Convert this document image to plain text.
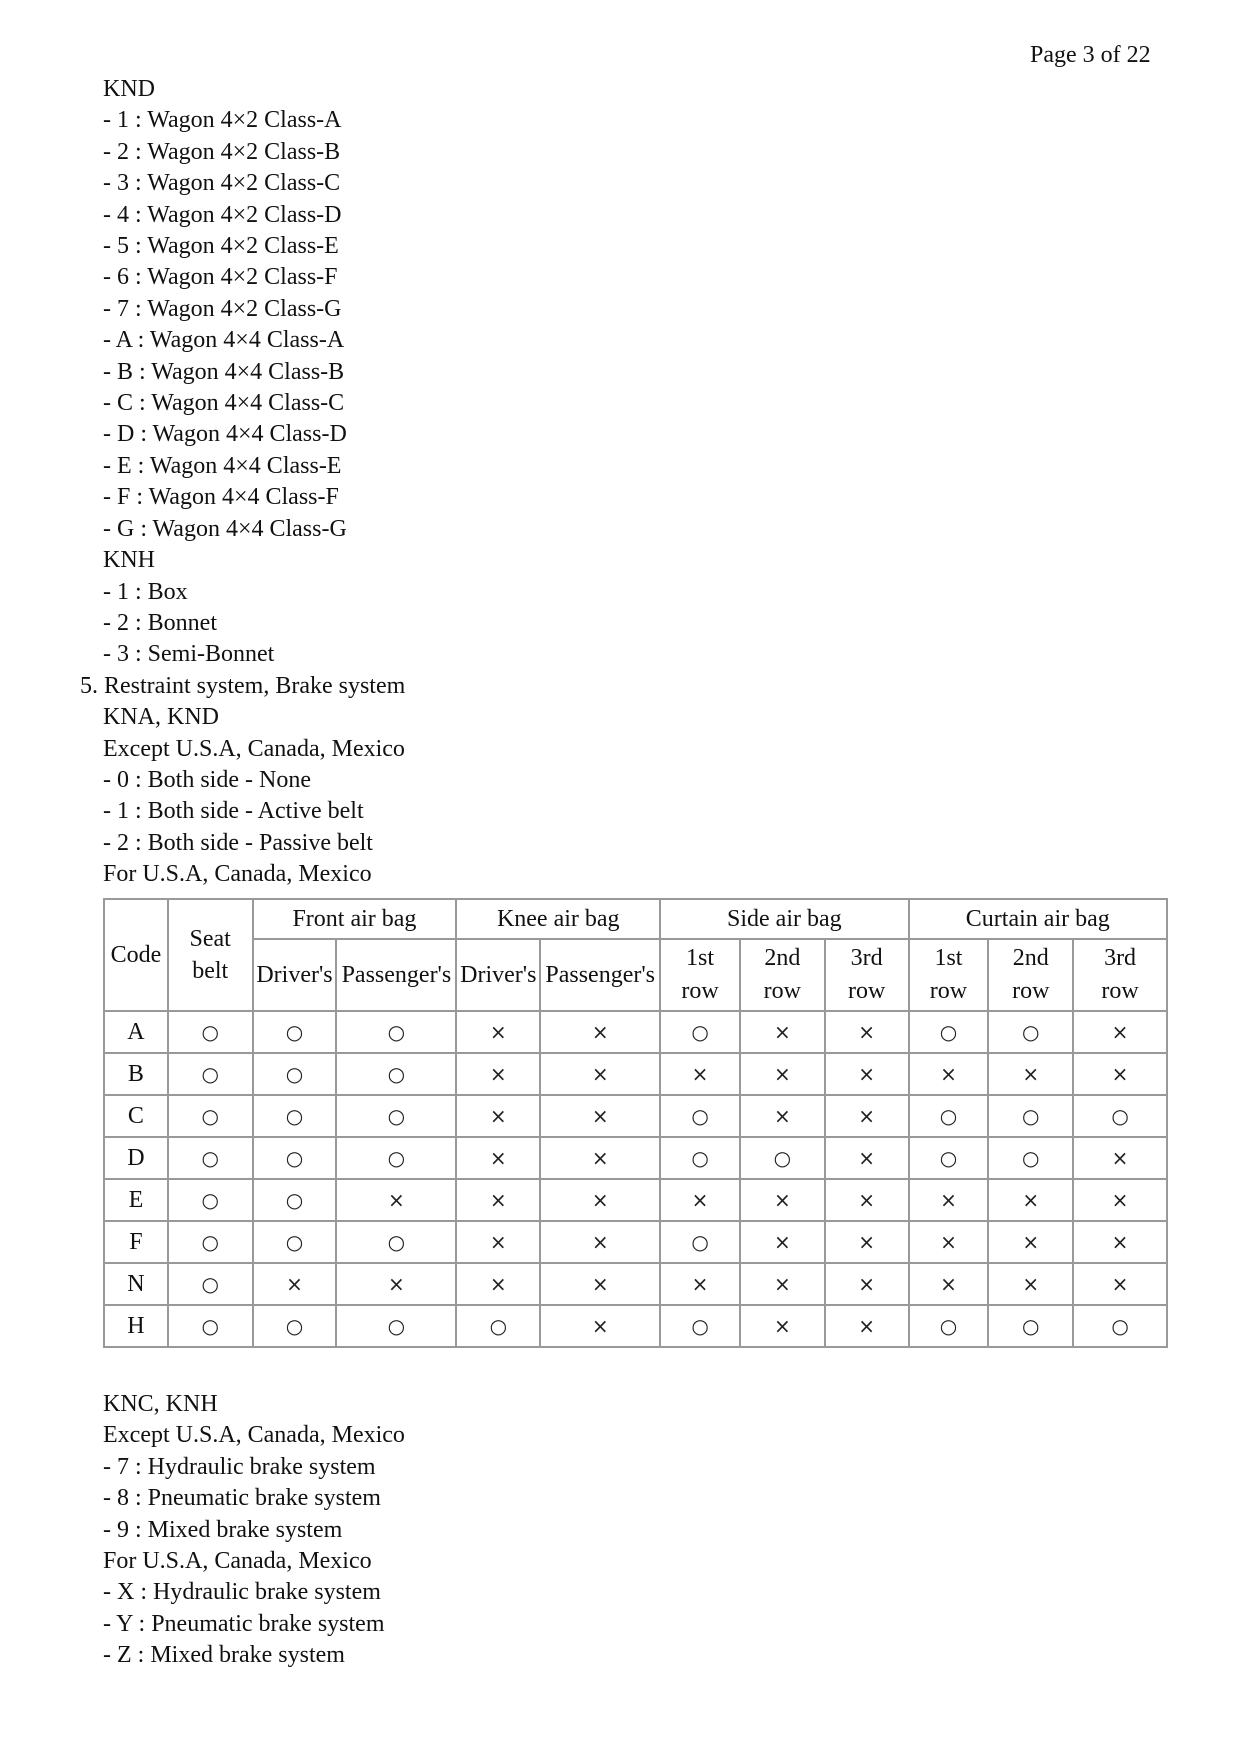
Page 3 of 22
KND
- 1 : Wagon 4×2 Class-A
- 2 : Wagon 4×2 Class-B
- 3 : Wagon 4×2 Class-C
- 4 : Wagon 4×2 Class-D
- 5 : Wagon 4×2 Class-E
- 6 : Wagon 4×2 Class-F
- 7 : Wagon 4×2 Class-G
- A : Wagon 4×4 Class-A
- B : Wagon 4×4 Class-B
- C : Wagon 4×4 Class-C
- D : Wagon 4×4 Class-D
- E : Wagon 4×4 Class-E
- F : Wagon 4×4 Class-F
- G : Wagon 4×4 Class-G
KNH
- 1 : Box
- 2 : Bonnet
- 3 : Semi-Bonnet
5. Restraint system, Brake system
KNA, KND
Except U.S.A, Canada, Mexico
- 0 : Both side - None
- 1 : Both side - Active belt
- 2 : Both side - Passive belt
For U.S.A, Canada, Mexico
Code	Seat belt	Front air bag		Knee air bag		Side air bag			Curtain air bag		
		Driver's	Passenger's	Driver's	Passenger's	1st row	2nd row	3rd row	1st row	2nd row	3rd row
A	○	○	○	×	×	○	×	×	○	○	×
B	○	○	○	×	×	×	×	×	×	×	×
C	○	○	○	×	×	○	×	×	○	○	○
D	○	○	○	×	×	○	○	×	○	○	×
E	○	○	×	×	×	×	×	×	×	×	×
F	○	○	○	×	×	○	×	×	×	×	×
N	○	×	×	×	×	×	×	×	×	×	×
H	○	○	○	○	×	○	×	×	○	○	○
KNC, KNH
Except U.S.A, Canada, Mexico
- 7 : Hydraulic brake system
- 8 : Pneumatic brake system
- 9 : Mixed brake system
For U.S.A, Canada, Mexico
- X : Hydraulic brake system
- Y : Pneumatic brake system
- Z : Mixed brake system
